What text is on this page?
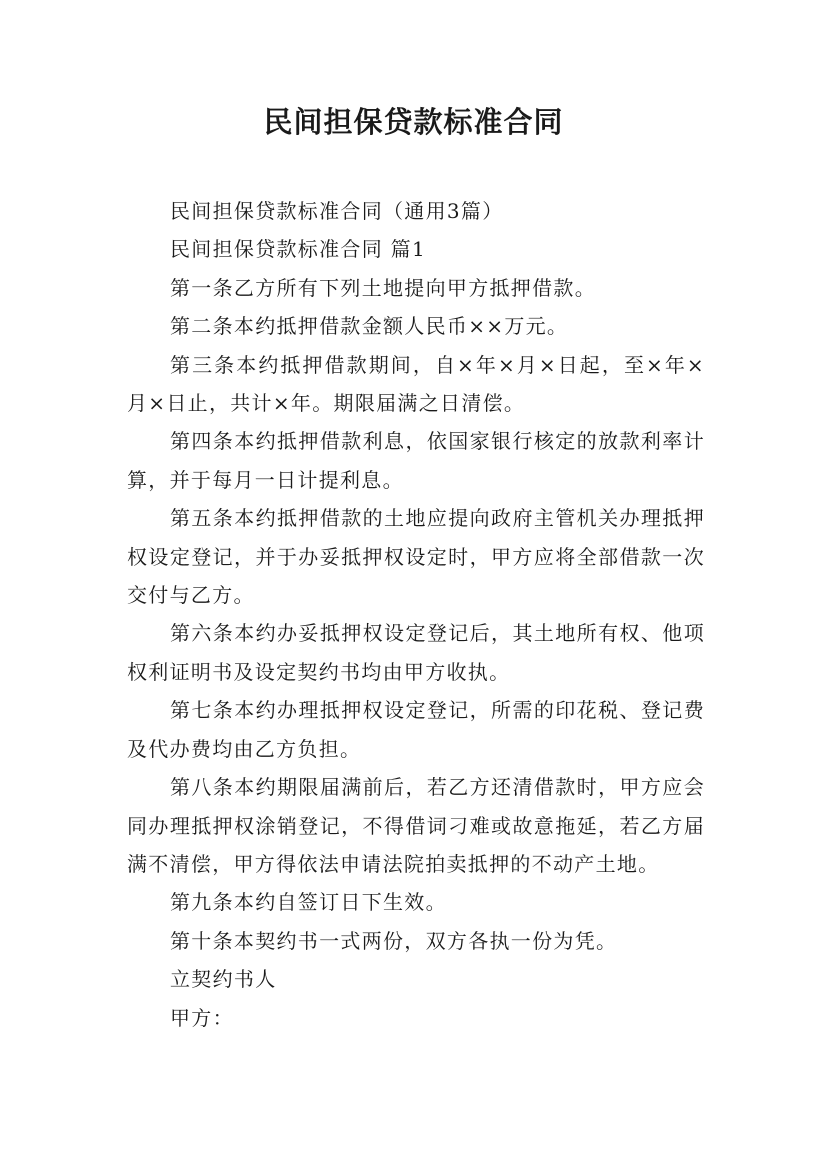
民间担保贷款标准合同

民间担保贷款标准合同（通用3篇）

民间担保贷款标准合同 篇1

第一条乙方所有下列土地提向甲方抵押借款。

第二条本约抵押借款金额人民币××万元。

第三条本约抵押借款期间，自×年×月×日起，至×年×月×日止，共计×年。期限届满之日清偿。

第四条本约抵押借款利息，依国家银行核定的放款利率计算，并于每月一日计提利息。

第五条本约抵押借款的土地应提向政府主管机关办理抵押权设定登记，并于办妥抵押权设定时，甲方应将全部借款一次交付与乙方。

第六条本约办妥抵押权设定登记后，其土地所有权、他项权利证明书及设定契约书均由甲方收执。

第七条本约办理抵押权设定登记，所需的印花税、登记费及代办费均由乙方负担。

第八条本约期限届满前后，若乙方还清借款时，甲方应会同办理抵押权涂销登记，不得借词刁难或故意拖延，若乙方届满不清偿，甲方得依法申请法院拍卖抵押的不动产土地。

第九条本约自签订日下生效。

第十条本契约书一式两份，双方各执一份为凭。

立契约书人

甲方：
